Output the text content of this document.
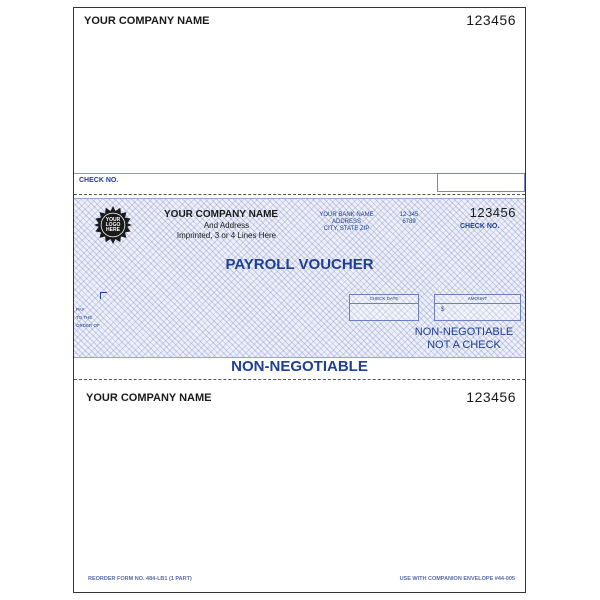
YOUR COMPANY NAME	123456
CHECK NO.
YOUR
LOGO
HERE
YOUR COMPANY NAME
And Address
Imprinted, 3 or 4 Lines Here
YOUR BANK NAME
ADDRESS
CITY, STATE ZIP
12-345
6789
123456
CHECK NO.
PAYROLL VOUCHER
PAY
TO THE
ORDER OF
CHECK DATE	AMOUNT
$
NON-NEGOTIABLE
NOT A CHECK
NON-NEGOTIABLE
YOUR COMPANY NAME	123456
REORDER FORM NO. 484-LB1 (1 PART)	USE WITH COMPANION ENVELOPE #44-005
